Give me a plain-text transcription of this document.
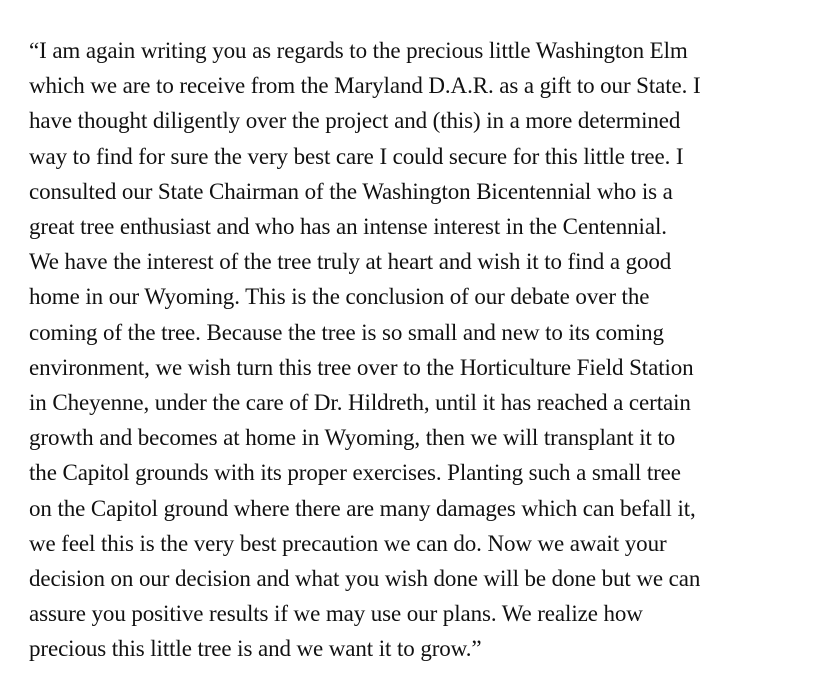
“I am again writing you as regards to the precious little Washington Elm
which we are to receive from the Maryland D.A.R. as a gift to our State. I
have thought diligently over the project and (this) in a more determined
way to find for sure the very best care I could secure for this little tree. I
consulted our State Chairman of the Washington Bicentennial who is a
great tree enthusiast and who has an intense interest in the Centennial.
We have the interest of the tree truly at heart and wish it to find a good
home in our Wyoming. This is the conclusion of our debate over the
coming of the tree. Because the tree is so small and new to its coming
environment, we wish turn this tree over to the Horticulture Field Station
in Cheyenne, under the care of Dr. Hildreth, until it has reached a certain
growth and becomes at home in Wyoming, then we will transplant it to
the Capitol grounds with its proper exercises. Planting such a small tree
on the Capitol ground where there are many damages which can befall it,
we feel this is the very best precaution we can do. Now we await your
decision on our decision and what you wish done will be done but we can
assure you positive results if we may use our plans. We realize how
precious this little tree is and we want it to grow.”
